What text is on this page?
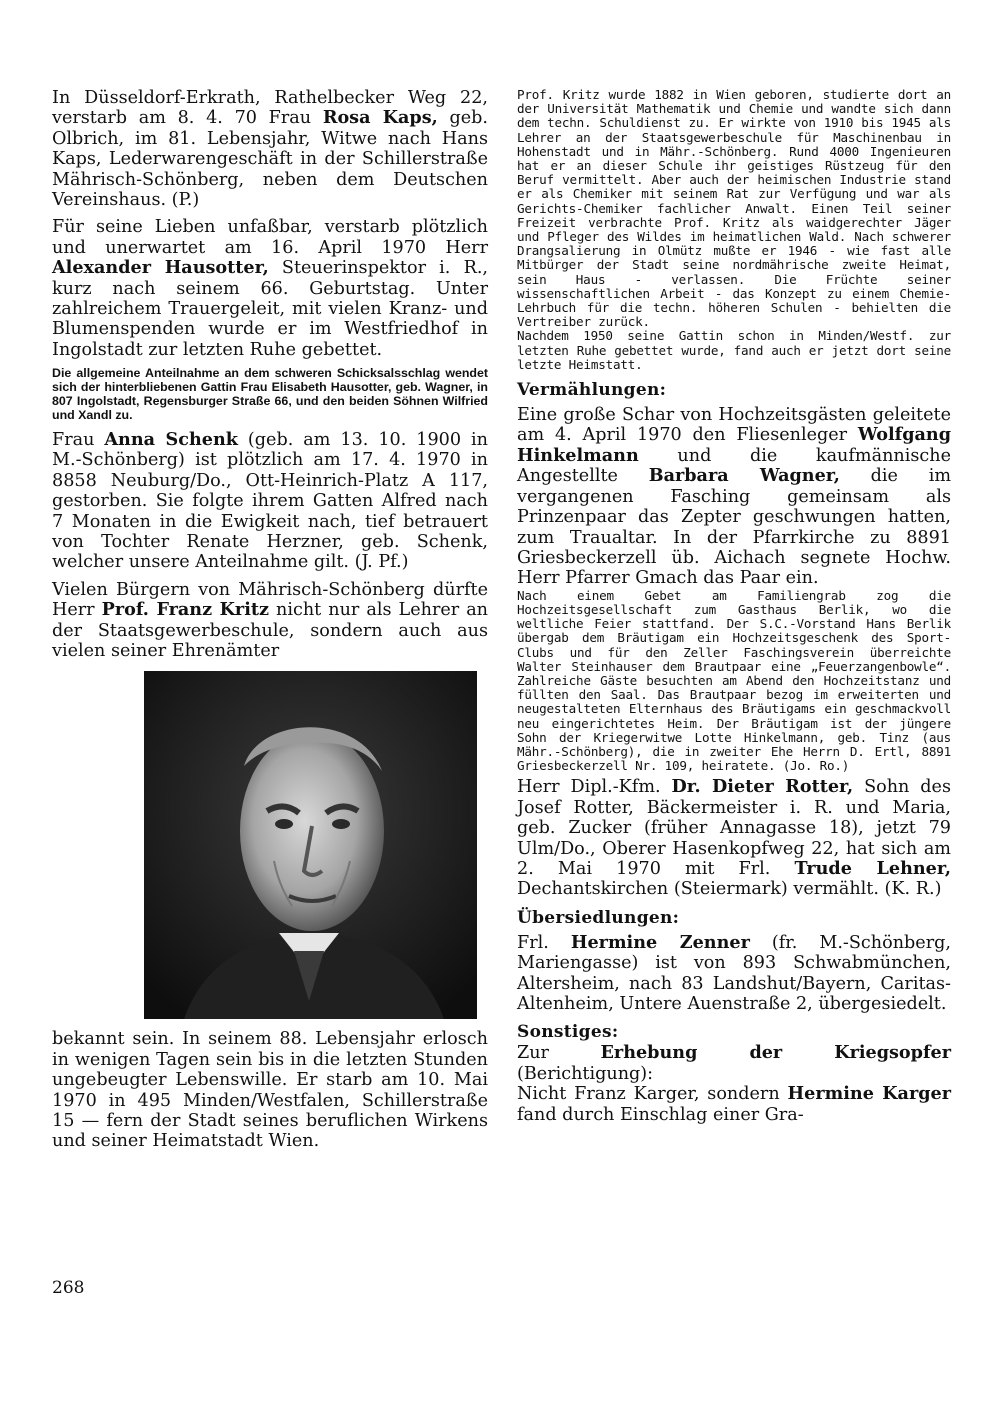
In Düsseldorf-Erkrath, Rathelbecker Weg 22, verstarb am 8. 4. 70 Frau Rosa Kaps, geb. Olbrich, im 81. Lebensjahr, Witwe nach Hans Kaps, Lederwarengeschäft in der Schillerstraße Mährisch-Schönberg, neben dem Deutschen Vereinshaus. (P.)

Für seine Lieben unfaßbar, verstarb plötzlich und unerwartet am 16. April 1970 Herr Alexander Hausotter, Steuerinspektor i. R., kurz nach seinem 66. Geburtstag. Unter zahlreichem Trauergeleit, mit vielen Kranz- und Blumenspenden wurde er im Westfriedhof in Ingolstadt zur letzten Ruhe gebettet.

Die allgemeine Anteilnahme an dem schweren Schicksalsschlag wendet sich der hinterbliebenen Gattin Frau Elisabeth Hausotter, geb. Wagner, in 807 Ingolstadt, Regensburger Straße 66, und den beiden Söhnen Wilfried und Xandl zu.

Frau Anna Schenk (geb. am 13. 10. 1900 in M.-Schönberg) ist plötzlich am 17. 4. 1970 in 8858 Neuburg/Do., Ott-Heinrich-Platz A 117, gestorben. Sie folgte ihrem Gatten Alfred nach 7 Monaten in die Ewigkeit nach, tief betrauert von Tochter Renate Herzner, geb. Schenk, welcher unsere Anteilnahme gilt. (J. Pf.)

Vielen Bürgern von Mährisch-Schönberg dürfte Herr Prof. Franz Kritz nicht nur als Lehrer an der Staatsgewerbeschule, sondern auch aus vielen seiner Ehrenämter

bekannt sein. In seinem 88. Lebensjahr erlosch in wenigen Tagen sein bis in die letzten Stunden ungebeugter Lebenswille. Er starb am 10. Mai 1970 in 495 Minden/Westfalen, Schillerstraße 15 — fern der Stadt seines beruflichen Wirkens und seiner Heimatstadt Wien.

Prof. Kritz wurde 1882 in Wien geboren, studierte dort an der Universität Mathematik und Chemie und wandte sich dann dem techn. Schuldienst zu. Er wirkte von 1910 bis 1945 als Lehrer an der Staatsgewerbeschule für Maschinenbau in Hohenstadt und in Mähr.-Schönberg. Rund 4000 Ingenieuren hat er an dieser Schule ihr geistiges Rüstzeug für den Beruf vermittelt. Aber auch der heimischen Industrie stand er als Chemiker mit seinem Rat zur Verfügung und war als Gerichts-Chemiker fachlicher Anwalt. Einen Teil seiner Freizeit verbrachte Prof. Kritz als waidgerechter Jäger und Pfleger des Wildes im heimatlichen Wald. Nach schwerer Drangsalierung in Olmütz mußte er 1946 - wie fast alle Mitbürger der Stadt seine nordmährische zweite Heimat, sein Haus - verlassen. Die Früchte seiner wissenschaftlichen Arbeit - das Konzept zu einem Chemie-Lehrbuch für die techn. höheren Schulen - behielten die Vertreiber zurück.

Nachdem 1950 seine Gattin schon in Minden/Westf. zur letzten Ruhe gebettet wurde, fand auch er jetzt dort seine letzte Heimstatt.

Vermählungen:

Eine große Schar von Hochzeitsgästen geleitete am 4. April 1970 den Fliesenleger Wolfgang Hinkelmann und die kaufmännische Angestellte Barbara Wagner, die im vergangenen Fasching gemeinsam als Prinzenpaar das Zepter geschwungen hatten, zum Traualtar. In der Pfarrkirche zu 8891 Griesbeckerzell üb. Aichach segnete Hochw. Herr Pfarrer Gmach das Paar ein.

Nach einem Gebet am Familiengrab zog die Hochzeitsgesellschaft zum Gasthaus Berlik, wo die weltliche Feier stattfand. Der S.C.-Vorstand Hans Berlik übergab dem Bräutigam ein Hochzeitsgeschenk des Sport-Clubs und für den Zeller Faschingsverein überreichte Walter Steinhauser dem Brautpaar eine „Feuerzangenbowle“. Zahlreiche Gäste besuchten am Abend den Hochzeitstanz und füllten den Saal. Das Brautpaar bezog im erweiterten und neugestalteten Elternhaus des Bräutigams ein geschmackvoll neu eingerichtetes Heim. Der Bräutigam ist der jüngere Sohn der Kriegerwitwe Lotte Hinkelmann, geb. Tinz (aus Mähr.-Schönberg), die in zweiter Ehe Herrn D. Ertl, 8891 Griesbeckerzell Nr. 109, heiratete. (Jo. Ro.)

Herr Dipl.-Kfm. Dr. Dieter Rotter, Sohn des Josef Rotter, Bäckermeister i. R. und Maria, geb. Zucker (früher Annagasse 18), jetzt 79 Ulm/Do., Oberer Hasenkopfweg 22, hat sich am 2. Mai 1970 mit Frl. Trude Lehner, Dechantskirchen (Steiermark) vermählt. (K. R.)

Übersiedlungen:

Frl. Hermine Zenner (fr. M.-Schönberg, Mariengasse) ist von 893 Schwabmünchen, Altersheim, nach 83 Landshut/Bayern, Caritas-Altenheim, Untere Auenstraße 2, übergesiedelt.

Sonstiges:

Zur Erhebung der Kriegsopfer (Berichtigung):

Nicht Franz Karger, sondern Hermine Karger fand durch Einschlag einer Gra-

268
